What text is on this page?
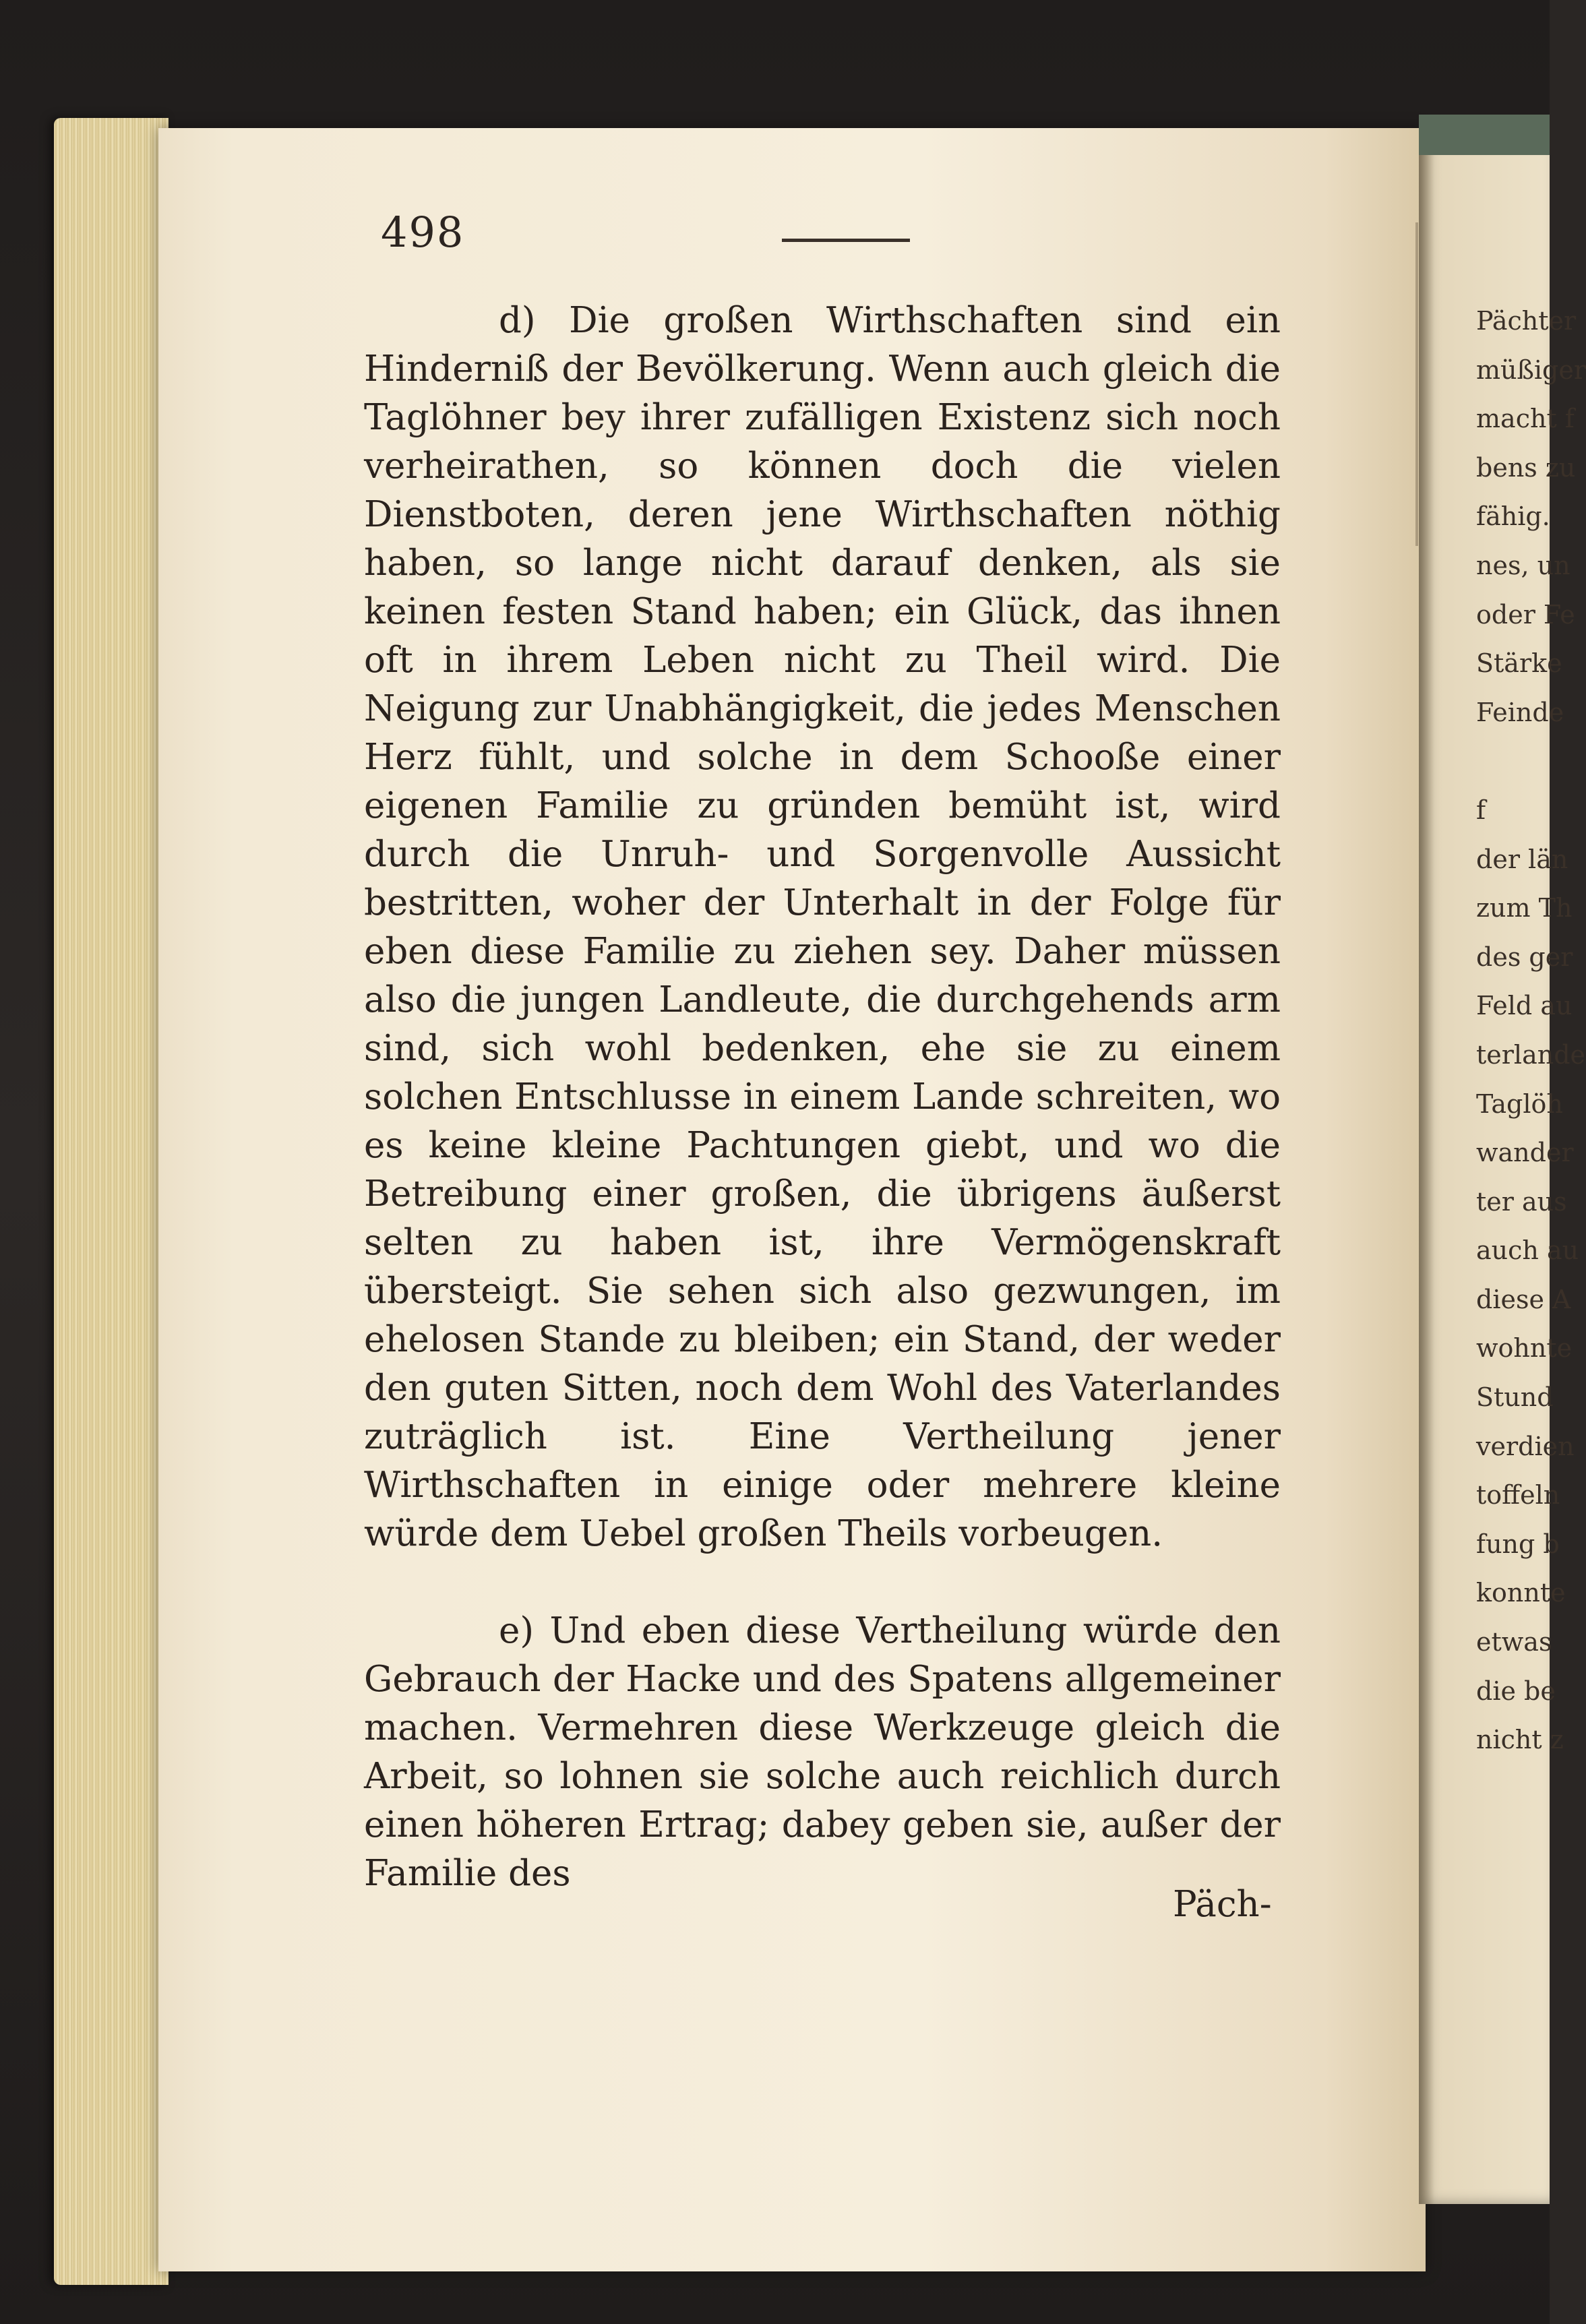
498

d) Die großen Wirthschaften sind ein Hinderniß der Bevölkerung. Wenn auch gleich die Taglöhner bey ihrer zufälligen Existenz sich noch verheirathen, so können doch die vielen Dienstboten, deren jene Wirthschaften nöthig haben, so lange nicht darauf denken, als sie keinen festen Stand haben; ein Glück, das ihnen oft in ihrem Leben nicht zu Theil wird. Die Neigung zur Unabhängigkeit, die jedes Menschen Herz fühlt, und solche in dem Schooße einer eigenen Familie zu gründen bemüht ist, wird durch die Unruh- und Sorgenvolle Aussicht bestritten, woher der Unterhalt in der Folge für eben diese Familie zu ziehen sey. Daher müssen also die jungen Landleute, die durchgehends arm sind, sich wohl bedenken, ehe sie zu einem solchen Entschlusse in einem Lande schreiten, wo es keine kleine Pachtungen giebt, und wo die Betreibung einer großen, die übrigens äußerst selten zu haben ist, ihre Vermögenskraft übersteigt. Sie sehen sich also gezwungen, im ehelosen Stande zu bleiben; ein Stand, der weder den guten Sitten, noch dem Wohl des Vaterlandes zuträglich ist. Eine Vertheilung jener Wirthschaften in einige oder mehrere kleine würde dem Uebel großen Theils vorbeugen.

e) Und eben diese Vertheilung würde den Gebrauch der Hacke und des Spatens allgemeiner machen. Vermehren diese Werkzeuge gleich die Arbeit, so lohnen sie solche auch reichlich durch einen höheren Ertrag; dabey geben sie, außer der Familie des

Päch-
Pächter
müßiger
macht f
bens zu
fähig.
nes, un
oder Fe
Stärke
Feinde
f
der län
zum Th
des ger
Feld au
terlande
Taglöh
wander
ter aus
auch au
diese A
wohnte
Stund
verdien
toffeln
fung b
konnte
etwas
die be
nicht z
